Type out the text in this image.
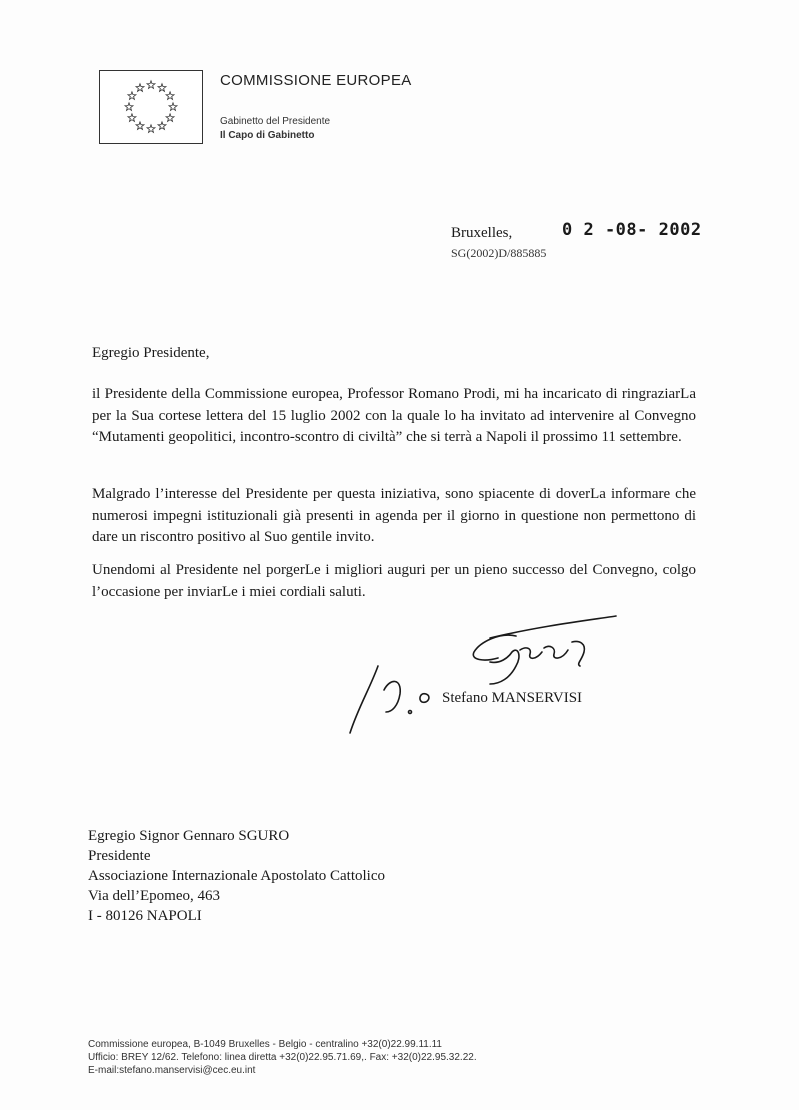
COMMISSIONE EUROPEA
Gabinetto del Presidente
Il Capo di Gabinetto
Bruxelles,	0 2 -08- 2002
SG(2002)D/885885
Egregio Presidente,

il Presidente della Commissione europea, Professor Romano Prodi, mi ha incaricato di ringraziarLa per la Sua cortese lettera del 15 luglio 2002 con la quale lo ha invitato ad intervenire al Convegno “Mutamenti geopolitici, incontro-scontro di civiltà” che si terrà a Napoli il prossimo 11 settembre.

Malgrado l’interesse del Presidente per questa iniziativa, sono spiacente di doverLa informare che numerosi impegni istituzionali già presenti in agenda per il giorno in questione non permettono di dare un riscontro positivo al Suo gentile invito.

Unendomi al Presidente nel porgerLe i migliori auguri per un pieno successo del Convegno, colgo l’occasione per inviarLe i miei cordiali saluti.

Stefano MANSERVISI
Egregio Signor Gennaro SGURO
Presidente
Associazione Internazionale Apostolato Cattolico
Via dell’Epomeo, 463
I - 80126 NAPOLI
Commissione europea, B-1049 Bruxelles - Belgio - centralino +32(0)22.99.11.11
Ufficio: BREY 12/62. Telefono: linea diretta +32(0)22.95.71.69,. Fax: +32(0)22.95.32.22.
E-mail:stefano.manservisi@cec.eu.int
